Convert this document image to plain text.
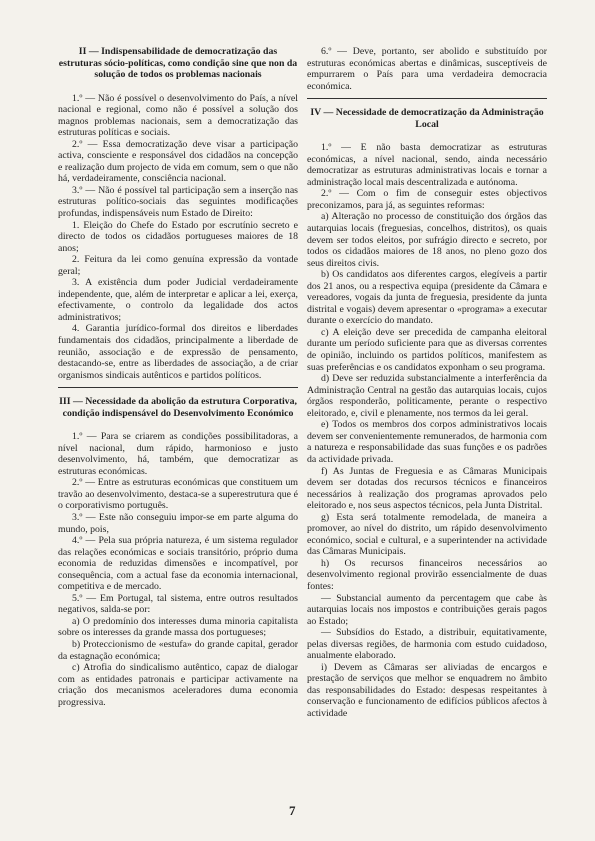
II — Indispensabilidade de democratização das estruturas sócio-políticas, como condição sine que non da solução de todos os problemas nacionais

1.º — Não é possível o desenvolvimento do País, a nível nacional e regional, como não é possível a solução dos magnos problemas nacionais, sem a democratização das estruturas políticas e sociais.

2.º — Essa democratização deve visar a participação activa, consciente e responsável dos cidadãos na concepção e realização dum projecto de vida em comum, sem o que não há, verdadeiramente, consciência nacional.

3.º — Não é possível tal participação sem a inserção nas estruturas político-sociais das seguintes modificações profundas, indispensáveis num Estado de Direito:

1. Eleição do Chefe do Estado por escrutínio secreto e directo de todos os cidadãos portugueses maiores de 18 anos;

2. Feitura da lei como genuína expressão da vontade geral;

3. A existência dum poder Judicial verdadeiramente independente, que, além de interpretar e aplicar a lei, exerça, efectivamente, o controlo da legalidade dos actos administrativos;

4. Garantia jurídico-formal dos direitos e liberdades fundamentais dos cidadãos, principalmente a liberdade de reunião, associação e de expressão de pensamento, destacando-se, entre as liberdades de associação, a de criar organismos sindicais autênticos e partidos políticos.

III — Necessidade da abolição da estrutura Corporativa, condição indispensável do Desenvolvimento Económico

1.º — Para se criarem as condições possibilitadoras, a nível nacional, dum rápido, harmonioso e justo desenvolvimento, há, também, que democratizar as estruturas económicas.

2.º — Entre as estruturas económicas que constituem um travão ao desenvolvimento, destaca-se a superestrutura que é o corporativismo português.

3.º — Este não conseguiu impor-se em parte alguma do mundo, pois,

4.º — Pela sua própria natureza, é um sistema regulador das relações económicas e sociais transitório, próprio duma economia de reduzidas dimensões e incompatível, por consequência, com a actual fase da economia internacional, competitiva e de mercado.

5.º — Em Portugal, tal sistema, entre outros resultados negativos, saldа-se por:

a) O predomínio dos interesses duma minoria capitalista sobre os interesses da grande massa dos portugueses;

b) Proteccionismo de «estufa» do grande capital, gerador da estagnação económica;

c) Atrofia do sindicalismo autêntico, capaz de dialogar com as entidades patronais e participar activamente na criação dos mecanismos aceleradores duma economia progressiva.

6.º — Deve, portanto, ser abolido e substituído por estruturas económicas abertas e dinâmicas, susceptíveis de empurrarem o País para uma verdadeira democracia económica.

IV — Necessidade de democratização da Administração Local

1.º — E não basta democratizar as estruturas económicas, a nível nacional, sendo, ainda necessário democratizar as estruturas administrativas locais e tornar a administração local mais descentralizada e autónoma.

2.º — Com o fim de conseguir estes objectivos preconizamos, para já, as seguintes reformas:

a) Alteração no processo de constituição dos órgãos das autarquias locais (freguesias, concelhos, distritos), os quais devem ser todos eleitos, por sufrágio directo e secreto, por todos os cidadãos maiores de 18 anos, no pleno gozo dos seus direitos civis.

b) Os candidatos aos diferentes cargos, elegíveis a partir dos 21 anos, ou a respectiva equipa (presidente da Câmara e vereadores, vogais da junta de freguesia, presidente da junta distrital e vogais) devem apresentar o «programa» a executar durante o exercício do mandato.

c) A eleição deve ser precedida de campanha eleitoral durante um período suficiente para que as diversas correntes de opinião, incluindo os partidos políticos, manifestem as suas preferências e os candidatos exponham o seu programa.

d) Deve ser reduzida substancialmente a interferência da Administração Central na gestão das autarquias locais, cujos órgãos responderão, politicamente, perante o respectivo eleitorado, e, civil e plenamente, nos termos da lei geral.

e) Todos os membros dos corpos administrativos locais devem ser convenientemente remunerados, de harmonia com a natureza e responsabilidade das suas funções e os padrões da actividade privada.

f) As Juntas de Freguesia e as Câmaras Municipais devem ser dotadas dos recursos técnicos e financeiros necessários à realização dos programas aprovados pelo eleitorado e, nos seus aspectos técnicos, pela Junta Distrital.

g) Esta será totalmente remodelada, de maneira a promover, ao nível do distrito, um rápido desenvolvimento económico, social e cultural, e a superintender na actividade das Câmaras Municipais.

h) Os recursos financeiros necessários ao desenvolvimento regional provirão essencialmente de duas fontes:

— Substancial aumento da percentagem que cabe às autarquias locais nos impostos e contribuições gerais pagos ao Estado;

— Subsídios do Estado, a distribuir, equitativamente, pelas diversas regiões, de harmonia com estudo cuidadoso, anualmente elaborado.

i) Devem as Câmaras ser aliviadas de encargos e prestação de serviços que melhor se enquadrem no âmbito das responsabilidades do Estado: despesas respeitantes à conservação e funcionamento de edifícios públicos afectos à actividade

7
